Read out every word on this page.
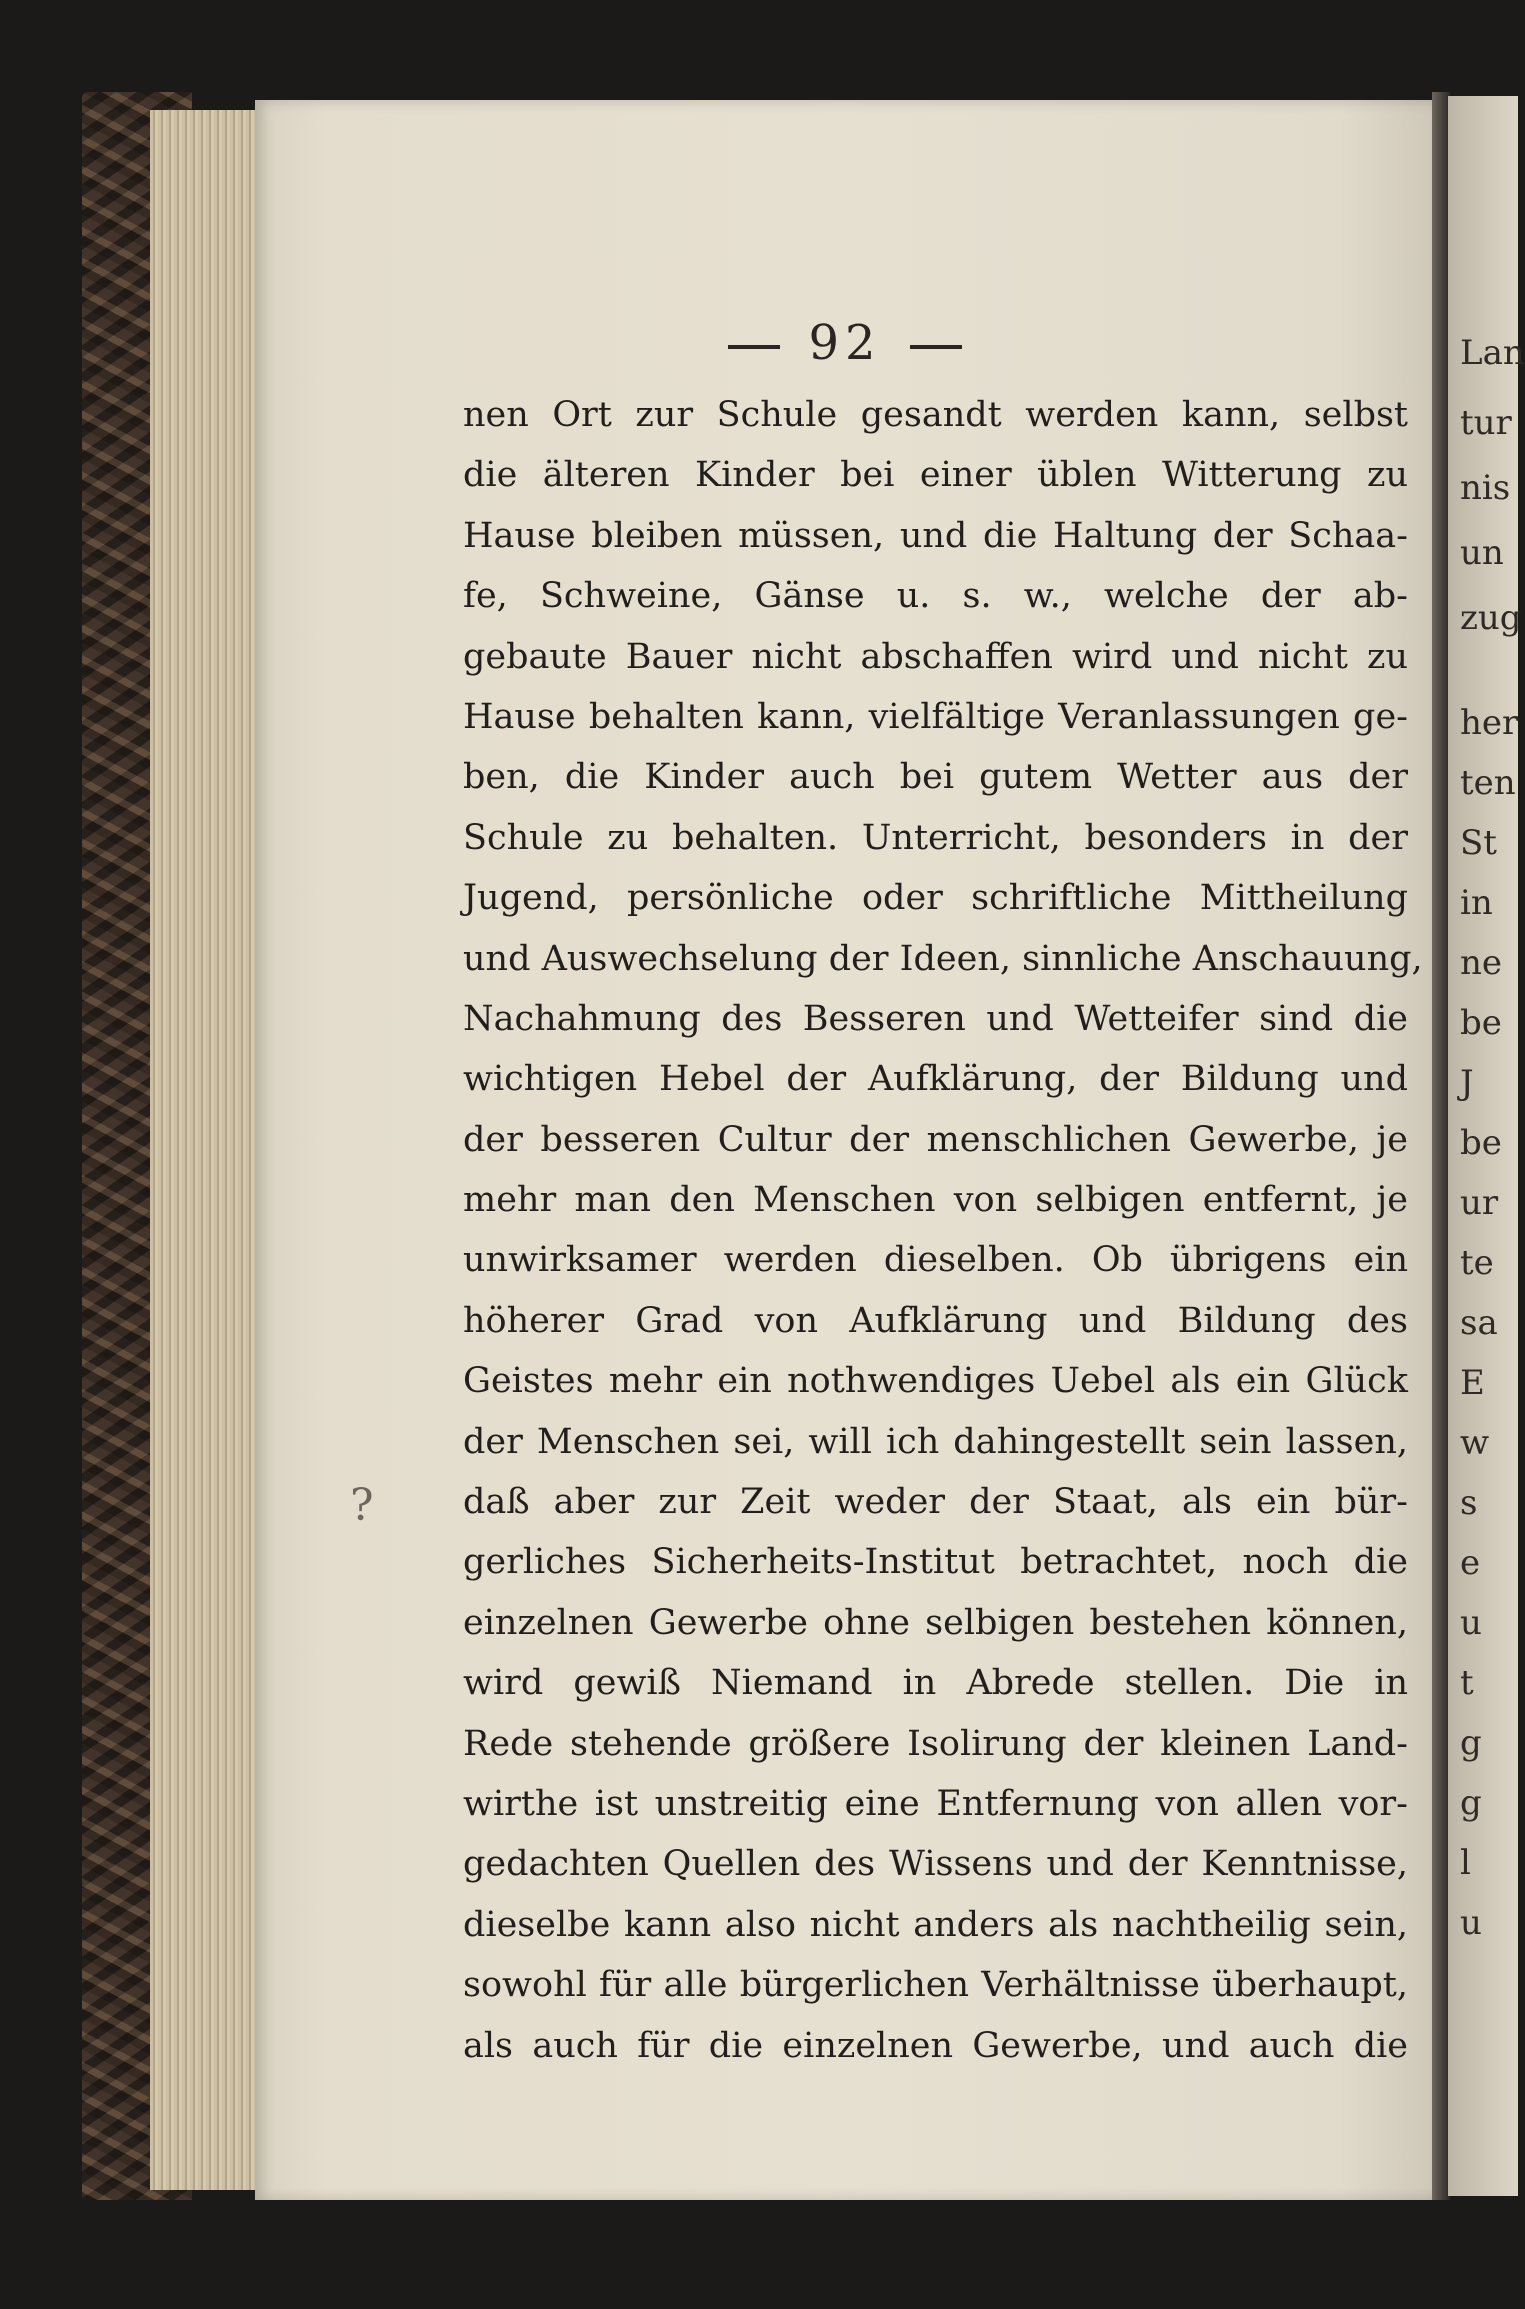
92
nen Ort zur Schule gesandt werden kann, selbst
die älteren Kinder bei einer üblen Witterung zu
Hause bleiben müssen, und die Haltung der Schaa-
fe, Schweine, Gänse u. s. w., welche der ab-
gebaute Bauer nicht abschaffen wird und nicht zu
Hause behalten kann, vielfältige Veranlassungen ge-
ben, die Kinder auch bei gutem Wetter aus der
Schule zu behalten. Unterricht, besonders in der
Jugend, persönliche oder schriftliche Mittheilung
und Auswechselung der Ideen, sinnliche Anschauung,
Nachahmung des Besseren und Wetteifer sind die
wichtigen Hebel der Aufklärung, der Bildung und
der besseren Cultur der menschlichen Gewerbe, je
mehr man den Menschen von selbigen entfernt, je
unwirksamer werden dieselben. Ob übrigens ein
höherer Grad von Aufklärung und Bildung des
Geistes mehr ein nothwendiges Uebel als ein Glück
der Menschen sei, will ich dahingestellt sein lassen,
daß aber zur Zeit weder der Staat, als ein bür-
gerliches Sicherheits-Institut betrachtet, noch die
einzelnen Gewerbe ohne selbigen bestehen können,
wird gewiß Niemand in Abrede stellen. Die in
Rede stehende größere Isolirung der kleinen Land-
wirthe ist unstreitig eine Entfernung von allen vor-
gedachten Quellen des Wissens und der Kenntnisse,
dieselbe kann also nicht anders als nachtheilig sein,
sowohl für alle bürgerlichen Verhältnisse überhaupt,
als auch für die einzelnen Gewerbe, und auch die
?
Lan
tur
nis
un
zug
her
ten
St
in
ne
be
J
be
ur
te
sa
E
w
s
e
u
t
g
g
l
u
